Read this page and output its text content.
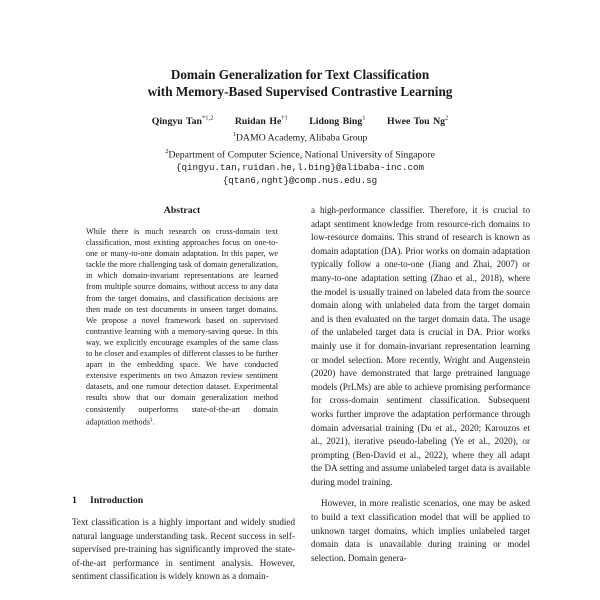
Domain Generalization for Text Classification
with Memory-Based Supervised Contrastive Learning
Qingyu Tan$^{*1,2}$ Ruidan He$^{\dagger 1}$ Lidong Bing$^1$ Hwee Tou Ng$^2$
$^1$DAMO Academy, Alibaba Group
$^2$Department of Computer Science, National University of Singapore
{qingyu.tan,ruidan.he,l.bing}@alibaba-inc.com
{qtan6,nght}@comp.nus.edu.sg
Abstract
While there is much research on cross-domain text classification, most existing approaches focus on one-to-one or many-to-one domain adaptation. In this paper, we tackle the more challenging task of domain generalization, in which domain-invariant representations are learned from multiple source domains, without access to any data from the target domains, and classification decisions are then made on test documents in unseen target domains. We propose a novel framework based on supervised contrastive learning with a memory-saving queue. In this way, we explicitly encourage examples of the same class to be closer and examples of different classes to be further apart in the embedding space. We have conducted extensive experiments on two Amazon review sentiment datasets, and one rumour detection dataset. Experimental results show that our domain generalization method consistently outperforms state-of-the-art domain adaptation methods$^1$.
1 Introduction
Text classification is a highly important and widely studied natural language understanding task. Recent success in self-supervised pre-training has significantly improved the state-of-the-art performance in sentiment analysis. However, sentiment classification is widely known as a domain-

a high-performance classifier. Therefore, it is crucial to adapt sentiment knowledge from resource-rich domains to low-resource domains. This strand of research is known as domain adaptation (DA). Prior works on domain adaptation typically follow a one-to-one (Jiang and Zhai, 2007) or many-to-one adaptation setting (Zhao et al., 2018), where the model is usually trained on labeled data from the source domain along with unlabeled data from the target domain and is then evaluated on the target domain data. The usage of the unlabeled target data is crucial in DA. Prior works mainly use it for domain-invariant representation learning or model selection. More recently, Wright and Augenstein (2020) have demonstrated that large pretrained language models (PrLMs) are able to achieve promising performance for cross-domain sentiment classification. Subsequent works further improve the adaptation performance through domain adversarial training (Du et al., 2020; Karouzos et al., 2021), iterative pseudo-labeling (Ye et al., 2020), or prompting (Ben-David et al., 2022), where they all adapt the DA setting and assume unlabeled target data is available during model training.

However, in more realistic scenarios, one may be asked to build a text classification model that will be applied to unknown target domains, which implies unlabeled target domain data is unavailable during training or model selection. Domain genera-
